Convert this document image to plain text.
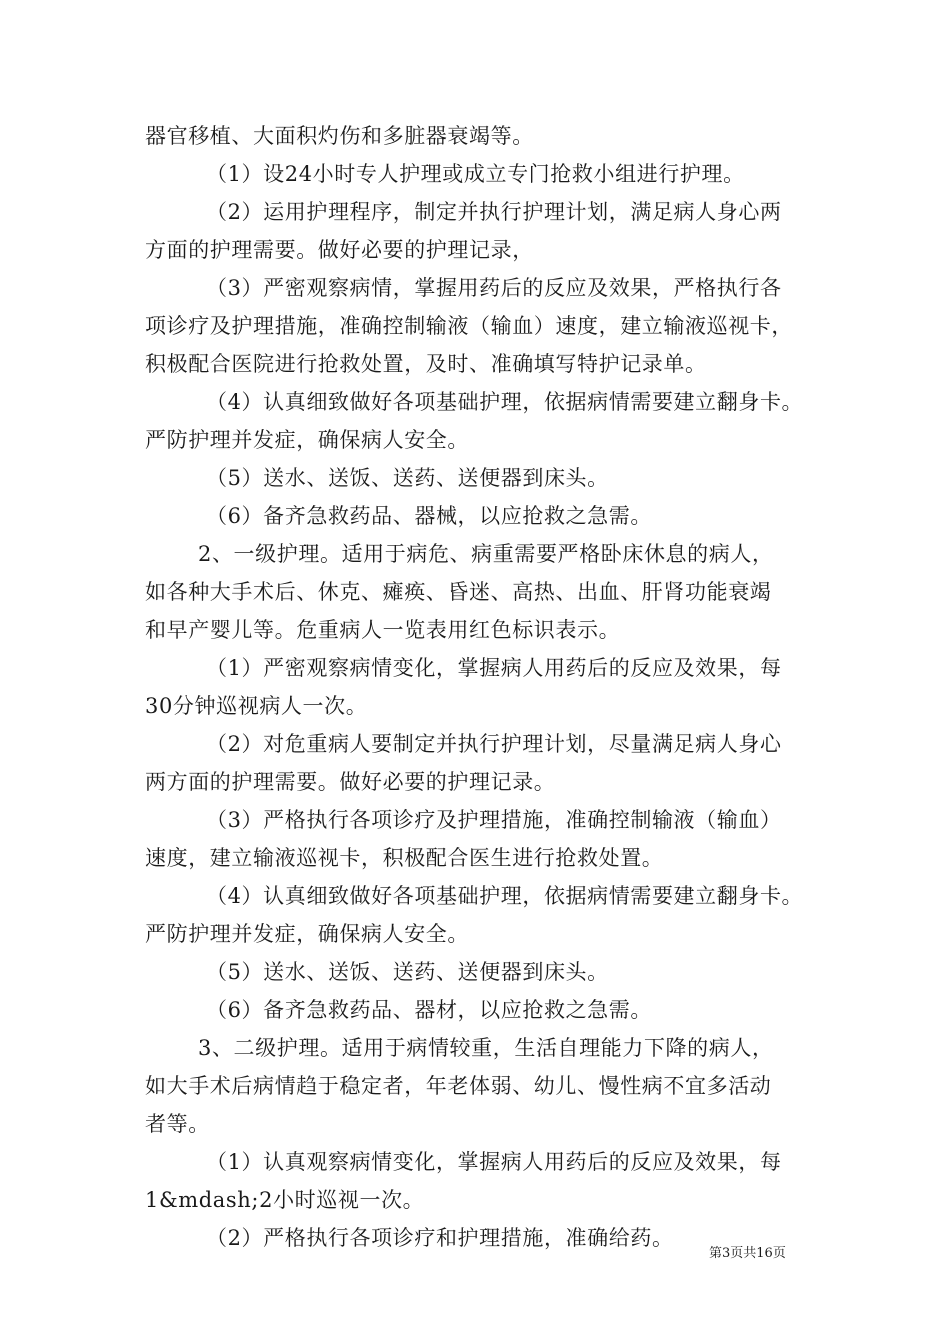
器官移植、大面积灼伤和多脏器衰竭等。
（1）设24小时专人护理或成立专门抢救小组进行护理。
（2）运用护理程序，制定并执行护理计划，满足病人身心两
方面的护理需要。做好必要的护理记录，
（3）严密观察病情，掌握用药后的反应及效果，严格执行各
项诊疗及护理措施，准确控制输液（输血）速度，建立输液巡视卡，
积极配合医院进行抢救处置，及时、准确填写特护记录单。
（4）认真细致做好各项基础护理，依据病情需要建立翻身卡。
严防护理并发症，确保病人安全。
（5）送水、送饭、送药、送便器到床头。
（6）备齐急救药品、器械，以应抢救之急需。
2、一级护理。适用于病危、病重需要严格卧床休息的病人，
如各种大手术后、休克、瘫痪、昏迷、高热、出血、肝肾功能衰竭
和早产婴儿等。危重病人一览表用红色标识表示。
（1）严密观察病情变化，掌握病人用药后的反应及效果，每
30分钟巡视病人一次。
（2）对危重病人要制定并执行护理计划，尽量满足病人身心
两方面的护理需要。做好必要的护理记录。
（3）严格执行各项诊疗及护理措施，准确控制输液（输血）
速度，建立输液巡视卡，积极配合医生进行抢救处置。
（4）认真细致做好各项基础护理，依据病情需要建立翻身卡。
严防护理并发症，确保病人安全。
（5）送水、送饭、送药、送便器到床头。
（6）备齐急救药品、器材，以应抢救之急需。
3、二级护理。适用于病情较重，生活自理能力下降的病人，
如大手术后病情趋于稳定者，年老体弱、幼儿、慢性病不宜多活动
者等。
（1）认真观察病情变化，掌握病人用药后的反应及效果，每
1&mdash;2小时巡视一次。
（2）严格执行各项诊疗和护理措施，准确给药。
第3页共16页
